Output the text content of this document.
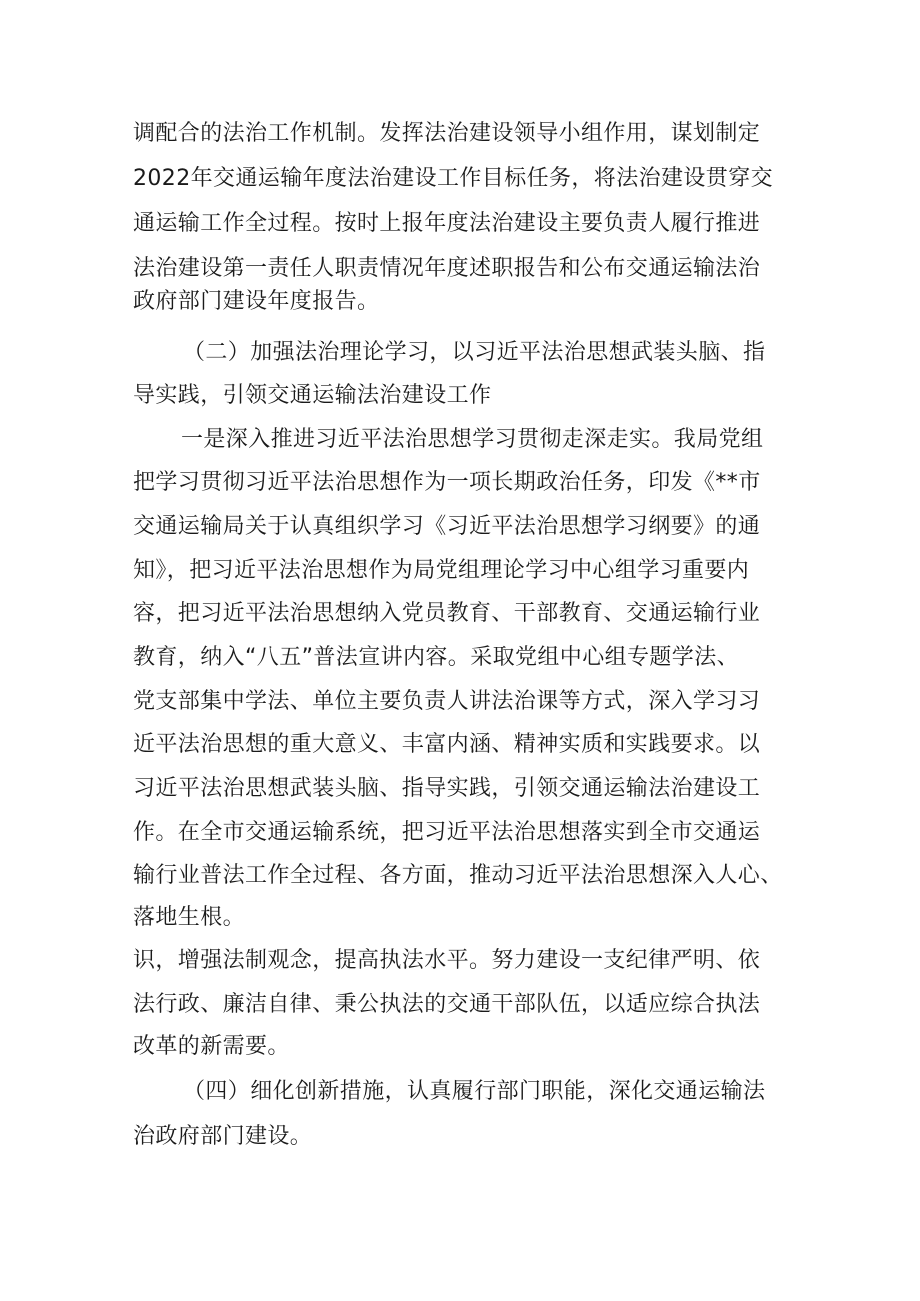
调配合的法治工作机制。发挥法治建设领导小组作用，谋划制定
2022年交通运输年度法治建设工作目标任务，将法治建设贯穿交
通运输工作全过程。按时上报年度法治建设主要负责人履行推进
法治建设第一责任人职责情况年度述职报告和公布交通运输法治
政府部门建设年度报告。
（二）加强法治理论学习，以习近平法治思想武装头脑、指
导实践，引领交通运输法治建设工作
一是深入推进习近平法治思想学习贯彻走深走实。我局党组
把学习贯彻习近平法治思想作为一项长期政治任务，印发《**市
交通运输局关于认真组织学习《习近平法治思想学习纲要》的通
知》，把习近平法治思想作为局党组理论学习中心组学习重要内
容，把习近平法治思想纳入党员教育、干部教育、交通运输行业
教育，纳入“八五”普法宣讲内容。采取党组中心组专题学法、
党支部集中学法、单位主要负责人讲法治课等方式，深入学习习
近平法治思想的重大意义、丰富内涵、精神实质和实践要求。以
习近平法治思想武装头脑、指导实践，引领交通运输法治建设工
作。在全市交通运输系统，把习近平法治思想落实到全市交通运
输行业普法工作全过程、各方面，推动习近平法治思想深入人心、
落地生根。
识，增强法制观念，提高执法水平。努力建设一支纪律严明、依
法行政、廉洁自律、秉公执法的交通干部队伍，以适应综合执法
改革的新需要。
（四）细化创新措施，认真履行部门职能，深化交通运输法
治政府部门建设。
